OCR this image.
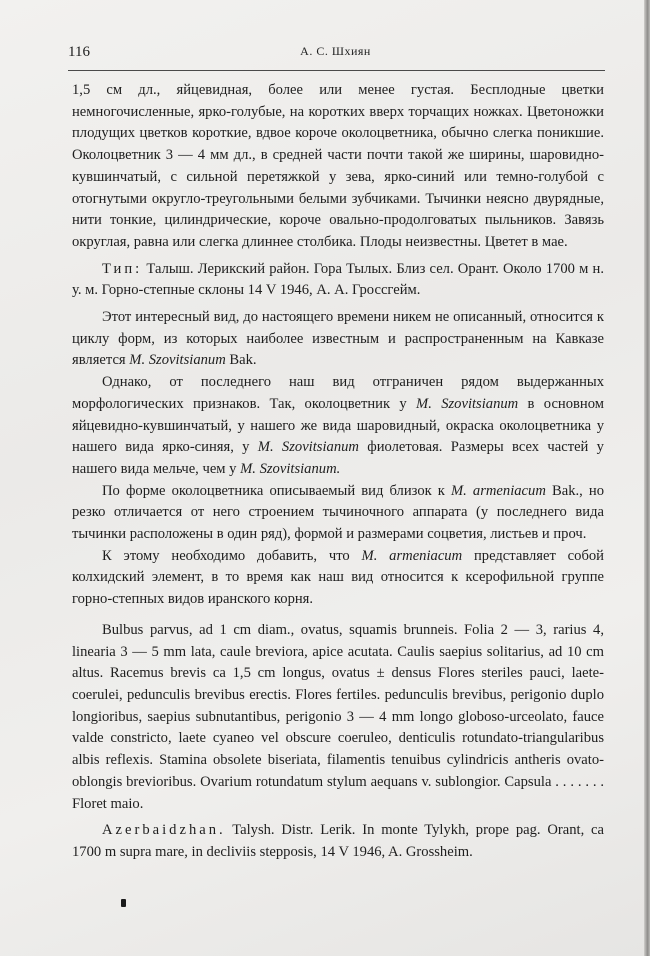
116	А. С. Шхиян

1,5 см дл., яйцевидная, более или менее густая. Бесплодные цветки немногочисленные, ярко-голубые, на коротких вверх торчащих ножках. Цветоножки плодущих цветков короткие, вдвое короче околоцветника, обычно слегка поникшие. Околоцветник 3 — 4 мм дл., в средней части почти такой же ширины, шаровидно-кувшинчатый, с сильной перетяжкой у зева, ярко-синий или темно-голубой с отогнутыми округло-треугольными белыми зубчиками. Тычинки неясно двурядные, нити тонкие, цилиндрические, короче овально-продолговатых пыльников. Завязь округлая, равна или слегка длиннее столбика. Плоды неизвестны. Цветет в мае.

Тип: Талыш. Лерикский район. Гора Тылых. Близ сел. Орант. Около 1700 м н. у. м. Горно-степные склоны 14 V 1946, А. А. Гроссгейм.

Этот интересный вид, до настоящего времени никем не описанный, относится к циклу форм, из которых наиболее известным и распространенным на Кавказе является M. Szovitsianum Bak.

Однако, от последнего наш вид отграничен рядом выдержанных морфологических признаков. Так, околоцветник у M. Szovitsianum в основном яйцевидно-кувшинчатый, у нашего же вида шаровидный, окраска околоцветника у нашего вида ярко-синяя, у M. Szovitsianum фиолетовая. Размеры всех частей у нашего вида мельче, чем у M. Szovitsianum.

По форме околоцветника описываемый вид близок к M. armeniacum Bak., но резко отличается от него строением тычиночного аппарата (у последнего вида тычинки расположены в один ряд), формой и размерами соцветия, листьев и проч.

К этому необходимо добавить, что M. armeniacum представляет собой колхидский элемент, в то время как наш вид относится к ксерофильной группе горно-степных видов иранского корня.

Bulbus parvus, ad 1 cm diam., ovatus, squamis brunneis. Folia 2 — 3, rarius 4, linearia 3 — 5 mm lata, caule breviora, apice acutata. Caulis saepius solitarius, ad 10 cm altus. Racemus brevis ca 1,5 cm longus, ovatus ± densus Flores steriles pauci, laete-coerulei, pedunculis brevibus erectis. Flores fertiles. pedunculis brevibus, perigonio duplo longioribus, saepius subnutantibus, perigonio 3 — 4 mm longo globoso-urceolato, fauce valde constricto, laete cyaneo vel obscure coeruleo, denticulis rotundato-triangularibus albis reflexis. Stamina obsolete biseriata, filamentis tenuibus cylindricis antheris ovato-oblongis brevioribus. Ovarium rotundatum stylum aequans v. sublongior. Capsula . . . . . . . Floret maio.

Azerbaidzhan. Talysh. Distr. Lerik. In monte Tylykh, prope pag. Orant, ca 1700 m supra mare, in decliviis stepposis, 14 V 1946, A. Grossheim.
